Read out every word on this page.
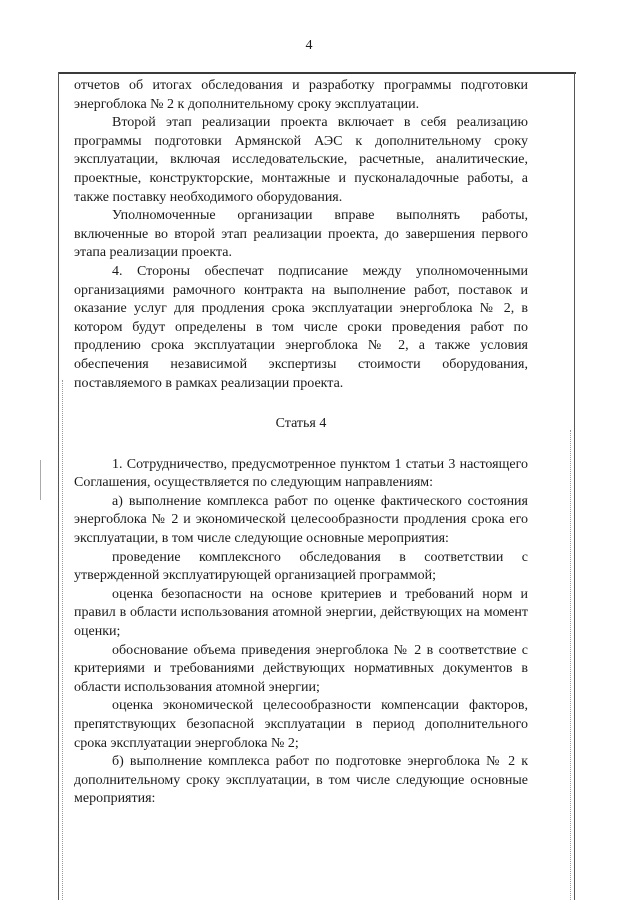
4

отчетов об итогах обследования и разработку программы подготовки энергоблока № 2 к дополнительному сроку эксплуатации.

Второй этап реализации проекта включает в себя реализацию программы подготовки Армянской АЭС к дополнительному сроку эксплуатации, включая исследовательские, расчетные, аналитические, проектные, конструкторские, монтажные и пусконаладочные работы, а также поставку необходимого оборудования.

Уполномоченные организации вправе выполнять работы, включенные во второй этап реализации проекта, до завершения первого этапа реализации проекта.

4. Стороны обеспечат подписание между уполномоченными организациями рамочного контракта на выполнение работ, поставок и оказание услуг для продления срока эксплуатации энергоблока № 2, в котором будут определены в том числе сроки проведения работ по продлению срока эксплуатации энергоблока № 2, а также условия обеспечения независимой экспертизы стоимости оборудования, поставляемого в рамках реализации проекта.

Статья 4

1. Сотрудничество, предусмотренное пунктом 1 статьи 3 настоящего Соглашения, осуществляется по следующим направлениям:

а) выполнение комплекса работ по оценке фактического состояния энергоблока № 2 и экономической целесообразности продления срока его эксплуатации, в том числе следующие основные мероприятия:

проведение комплексного обследования в соответствии с утвержденной эксплуатирующей организацией программой;

оценка безопасности на основе критериев и требований норм и правил в области использования атомной энергии, действующих на момент оценки;

обоснование объема приведения энергоблока № 2 в соответствие с критериями и требованиями действующих нормативных документов в области использования атомной энергии;

оценка экономической целесообразности компенсации факторов, препятствующих безопасной эксплуатации в период дополнительного срока эксплуатации энергоблока № 2;

б) выполнение комплекса работ по подготовке энергоблока № 2 к дополнительному сроку эксплуатации, в том числе следующие основные мероприятия:
